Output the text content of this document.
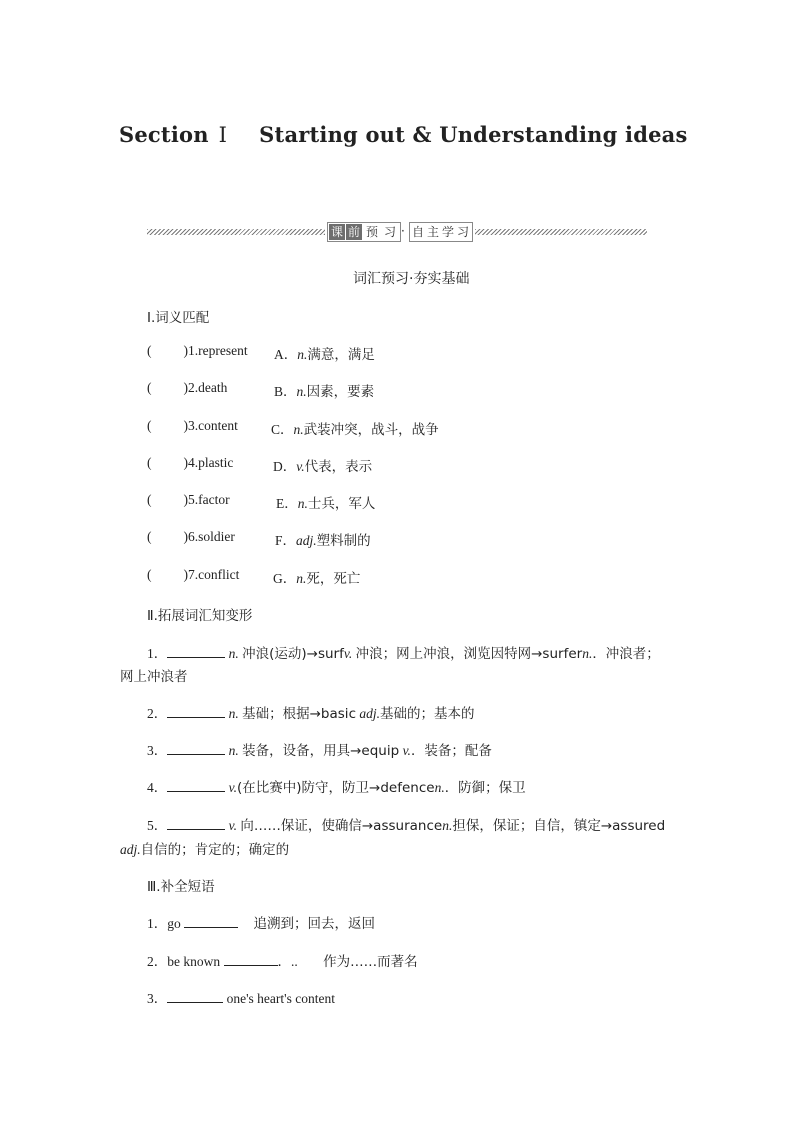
Section Ⅰ Starting out & Understanding ideas
课 前 预 习 · 自 主 学 习
词汇预习·夯实基础
Ⅰ.词义匹配
( )1.represent A．n.满意，满足
( )2.death	B．n.因素，要素
( )3.content C．n.武装冲突，战斗，战争
( )4.plastic	D．v.代表，表示
( )5.factor	E．n.士兵，军人
( )6.soldier	F．adj.塑料制的
( )7.conflict G．n.死，死亡
Ⅱ.拓展词汇知变形
1．	n. 冲浪(运动)→surfv. 冲浪；网上冲浪，浏览因特网→surfern.．冲浪者；
网上冲浪者
2．	n. 基础；根据→basic adj.基础的；基本的
3．	n. 装备，设备，用具→equip v.．装备；配备
4．	v.(在比赛中)防守，防卫→defencen.．防御；保卫
5．	v. 向……保证，使确信→assurancen.担保，保证；自信，镇定→assured
adj.自信的；肯定的；确定的
Ⅲ.补全短语
1．go	追溯到；回去，返回
2．be known	．.. 作为……而著名
3．	one's heart's content
